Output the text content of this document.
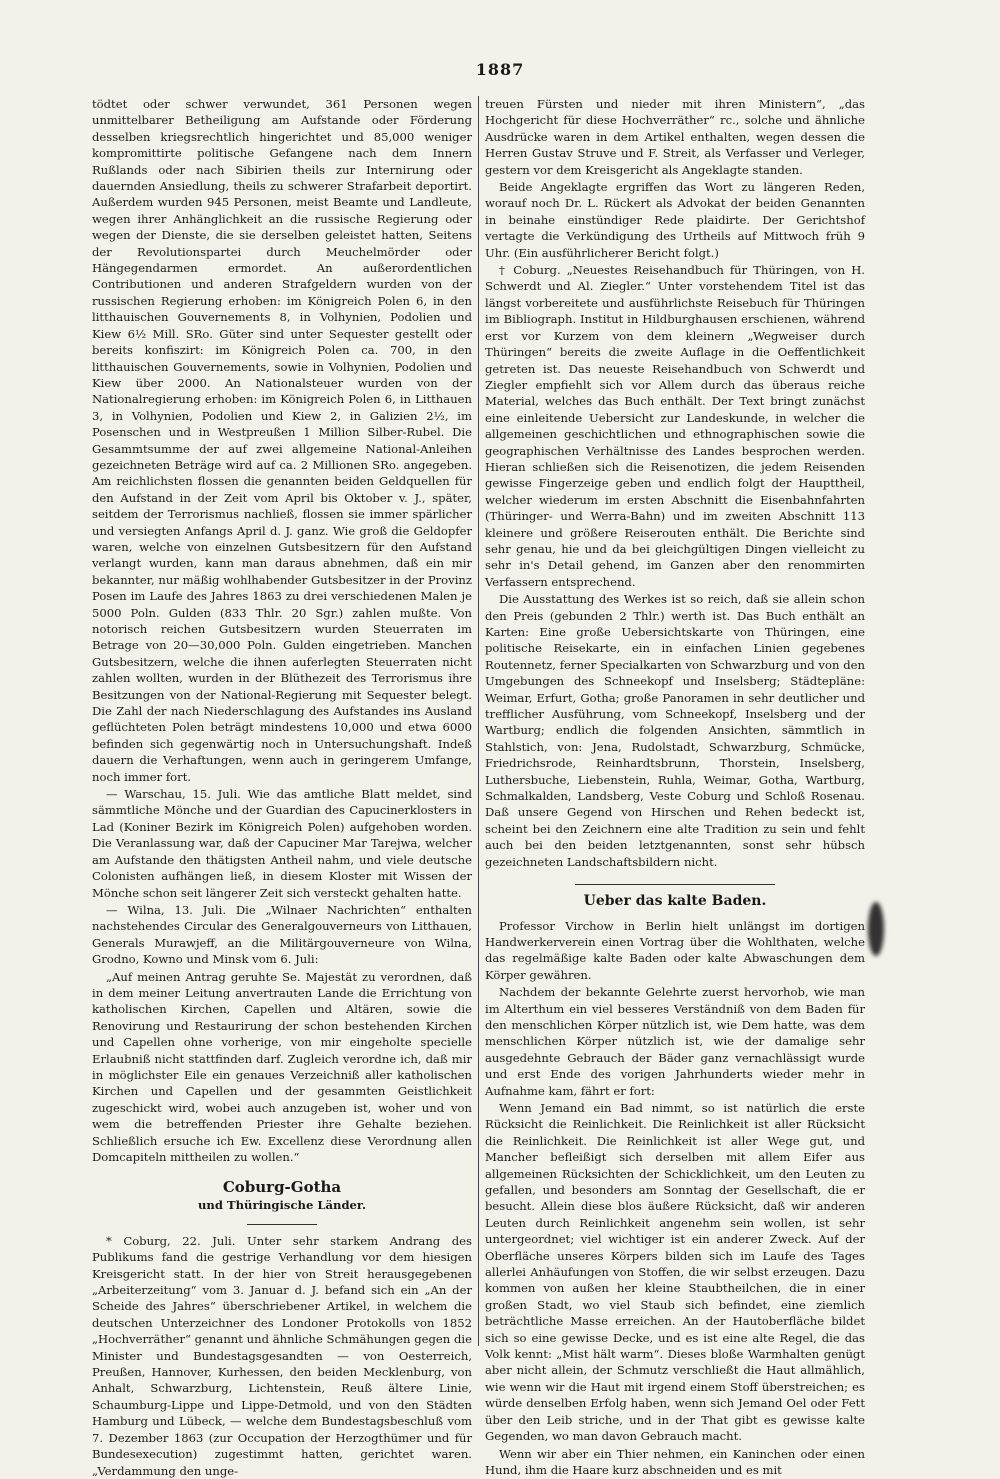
1887

tödtet oder schwer verwundet, 361 Personen wegen unmittelbarer Betheiligung am Aufstande oder Förderung desselben kriegsrechtlich hingerichtet und 85,000 weniger kompromittirte politische Gefangene nach dem Innern Rußlands oder nach Sibirien theils zur Internirung oder dauernden Ansiedlung, theils zu schwerer Strafarbeit deportirt. Außerdem wurden 945 Personen, meist Beamte und Landleute, wegen ihrer Anhänglichkeit an die russische Regierung oder wegen der Dienste, die sie derselben geleistet hatten, Seitens der Revolutionspartei durch Meuchelmörder oder Hängegendarmen ermordet. An außerordentlichen Contributionen und anderen Strafgeldern wurden von der russischen Regierung erhoben: im Königreich Polen 6, in den litthauischen Gouvernements 8, in Volhynien, Podolien und Kiew 6½ Mill. SRo. Güter sind unter Sequester gestellt oder bereits konfiszirt: im Königreich Polen ca. 700, in den litthauischen Gouvernements, sowie in Volhynien, Podolien und Kiew über 2000. An Nationalsteuer wurden von der Nationalregierung erhoben: im Königreich Polen 6, in Litthauen 3, in Volhynien, Podolien und Kiew 2, in Galizien 2½, im Posenschen und in Westpreußen 1 Million Silber-Rubel. Die Gesammtsumme der auf zwei allgemeine National-Anleihen gezeichneten Beträge wird auf ca. 2 Millionen SRo. angegeben. Am reichlichsten flossen die genannten beiden Geldquellen für den Aufstand in der Zeit vom April bis Oktober v. J., später, seitdem der Terrorismus nachließ, flossen sie immer spärlicher und versiegten Anfangs April d. J. ganz. Wie groß die Geldopfer waren, welche von einzelnen Gutsbesitzern für den Aufstand verlangt wurden, kann man daraus abnehmen, daß ein mir bekannter, nur mäßig wohlhabender Gutsbesitzer in der Provinz Posen im Laufe des Jahres 1863 zu drei verschiedenen Malen je 5000 Poln. Gulden (833 Thlr. 20 Sgr.) zahlen mußte. Von notorisch reichen Gutsbesitzern wurden Steuerraten im Betrage von 20—30,000 Poln. Gulden eingetrieben. Manchen Gutsbesitzern, welche die ihnen auferlegten Steuerraten nicht zahlen wollten, wurden in der Blüthezeit des Terrorismus ihre Besitzungen von der National-Regierung mit Sequester belegt. Die Zahl der nach Niederschlagung des Aufstandes ins Ausland geflüchteten Polen beträgt mindestens 10,000 und etwa 6000 befinden sich gegenwärtig noch in Untersuchungshaft. Indeß dauern die Verhaftungen, wenn auch in geringerem Umfange, noch immer fort.

— Warschau, 15. Juli. Wie das amtliche Blatt meldet, sind sämmtliche Mönche und der Guardian des Capucinerklosters in Lad (Koniner Bezirk im Königreich Polen) aufgehoben worden. Die Veranlassung war, daß der Capuciner Mar Tarejwa, welcher am Aufstande den thätigsten Antheil nahm, und viele deutsche Colonisten aufhängen ließ, in diesem Kloster mit Wissen der Mönche schon seit längerer Zeit sich versteckt gehalten hatte.

— Wilna, 13. Juli. Die „Wilnaer Nachrichten“ enthalten nachstehendes Circular des Generalgouverneurs von Litthauen, Generals Murawjeff, an die Militärgouverneure von Wilna, Grodno, Kowno und Minsk vom 6. Juli:

„Auf meinen Antrag geruhte Se. Majestät zu verordnen, daß in dem meiner Leitung anvertrauten Lande die Errichtung von katholischen Kirchen, Capellen und Altären, sowie die Renovirung und Restaurirung der schon bestehenden Kirchen und Capellen ohne vorherige, von mir eingeholte specielle Erlaubniß nicht stattfinden darf. Zugleich verordne ich, daß mir in möglichster Eile ein genaues Verzeichniß aller katholischen Kirchen und Capellen und der gesammten Geistlichkeit zugeschickt wird, wobei auch anzugeben ist, woher und von wem die betreffenden Priester ihre Gehalte beziehen. Schließlich ersuche ich Ew. Excellenz diese Verordnung allen Domcapiteln mittheilen zu wollen.“

Coburg-Gotha
und Thüringische Länder.

* Coburg, 22. Juli. Unter sehr starkem Andrang des Publikums fand die gestrige Verhandlung vor dem hiesigen Kreisgericht statt. In der hier von Streit herausgegebenen „Arbeiterzeitung“ vom 3. Januar d. J. befand sich ein „An der Scheide des Jahres“ überschriebener Artikel, in welchem die deutschen Unterzeichner des Londoner Protokolls von 1852 „Hochverräther“ genannt und ähnliche Schmähungen gegen die Minister und Bundestagsgesandten — von Oesterreich, Preußen, Hannover, Kurhessen, den beiden Mecklenburg, von Anhalt, Schwarzburg, Lichtenstein, Reuß ältere Linie, Schaumburg-Lippe und Lippe-Detmold, und von den Städten Hamburg und Lübeck, — welche dem Bundestagsbeschluß vom 7. Dezember 1863 (zur Occupation der Herzogthümer und für Bundesexecution) zugestimmt hatten, gerichtet waren. „Verdammung den unge-

treuen Fürsten und nieder mit ihren Ministern“, „das Hochgericht für diese Hochverräther“ rc., solche und ähnliche Ausdrücke waren in dem Artikel enthalten, wegen dessen die Herren Gustav Struve und F. Streit, als Verfasser und Verleger, gestern vor dem Kreisgericht als Angeklagte standen.

Beide Angeklagte ergriffen das Wort zu längeren Reden, worauf noch Dr. L. Rückert als Advokat der beiden Genannten in beinahe einstündiger Rede plaidirte. Der Gerichtshof vertagte die Verkündigung des Urtheils auf Mittwoch früh 9 Uhr. (Ein ausführlicherer Bericht folgt.)

† Coburg. „Neuestes Reisehandbuch für Thüringen, von H. Schwerdt und Al. Ziegler.“ Unter vorstehendem Titel ist das längst vorbereitete und ausführlichste Reisebuch für Thüringen im Bibliograph. Institut in Hildburghausen erschienen, während erst vor Kurzem von dem kleinern „Wegweiser durch Thüringen“ bereits die zweite Auflage in die Oeffentlichkeit getreten ist. Das neueste Reisehandbuch von Schwerdt und Ziegler empfiehlt sich vor Allem durch das überaus reiche Material, welches das Buch enthält. Der Text bringt zunächst eine einleitende Uebersicht zur Landeskunde, in welcher die allgemeinen geschichtlichen und ethnographischen sowie die geographischen Verhältnisse des Landes besprochen werden. Hieran schließen sich die Reisenotizen, die jedem Reisenden gewisse Fingerzeige geben und endlich folgt der Haupttheil, welcher wiederum im ersten Abschnitt die Eisenbahnfahrten (Thüringer- und Werra-Bahn) und im zweiten Abschnitt 113 kleinere und größere Reiserouten enthält. Die Berichte sind sehr genau, hie und da bei gleichgültigen Dingen vielleicht zu sehr in's Detail gehend, im Ganzen aber den renommirten Verfassern entsprechend.

Die Ausstattung des Werkes ist so reich, daß sie allein schon den Preis (gebunden 2 Thlr.) werth ist. Das Buch enthält an Karten: Eine große Uebersichtskarte von Thüringen, eine politische Reisekarte, ein in einfachen Linien gegebenes Routennetz, ferner Specialkarten von Schwarzburg und von den Umgebungen des Schneekopf und Inselsberg; Städtepläne: Weimar, Erfurt, Gotha; große Panoramen in sehr deutlicher und trefflicher Ausführung, vom Schneekopf, Inselsberg und der Wartburg; endlich die folgenden Ansichten, sämmtlich in Stahlstich, von: Jena, Rudolstadt, Schwarzburg, Schmücke, Friedrichsrode, Reinhardtsbrunn, Thorstein, Inselsberg, Luthersbuche, Liebenstein, Ruhla, Weimar, Gotha, Wartburg, Schmalkalden, Landsberg, Veste Coburg und Schloß Rosenau. Daß unsere Gegend von Hirschen und Rehen bedeckt ist, scheint bei den Zeichnern eine alte Tradition zu sein und fehlt auch bei den beiden letztgenannten, sonst sehr hübsch gezeichneten Landschaftsbildern nicht.

Ueber das kalte Baden.

Professor Virchow in Berlin hielt unlängst im dortigen Handwerkerverein einen Vortrag über die Wohlthaten, welche das regelmäßige kalte Baden oder kalte Abwaschungen dem Körper gewähren.

Nachdem der bekannte Gelehrte zuerst hervorhob, wie man im Alterthum ein viel besseres Verständniß von dem Baden für den menschlichen Körper nützlich ist, wie Dem hatte, was dem menschlichen Körper nützlich ist, wie der damalige sehr ausgedehnte Gebrauch der Bäder ganz vernachlässigt wurde und erst Ende des vorigen Jahrhunderts wieder mehr in Aufnahme kam, fährt er fort:

Wenn Jemand ein Bad nimmt, so ist natürlich die erste Rücksicht die Reinlichkeit. Die Reinlichkeit ist aller Rücksicht die Reinlichkeit. Die Reinlichkeit ist aller Wege gut, und Mancher befleißigt sich derselben mit allem Eifer aus allgemeinen Rücksichten der Schicklichkeit, um den Leuten zu gefallen, und besonders am Sonntag der Gesellschaft, die er besucht. Allein diese blos äußere Rücksicht, daß wir anderen Leuten durch Reinlichkeit angenehm sein wollen, ist sehr untergeordnet; viel wichtiger ist ein anderer Zweck. Auf der Oberfläche unseres Körpers bilden sich im Laufe des Tages allerlei Anhäufungen von Stoffen, die wir selbst erzeugen. Dazu kommen von außen her kleine Staubtheilchen, die in einer großen Stadt, wo viel Staub sich befindet, eine ziemlich beträchtliche Masse erreichen. An der Hautoberfläche bildet sich so eine gewisse Decke, und es ist eine alte Regel, die das Volk kennt: „Mist hält warm“. Dieses bloße Warmhalten genügt aber nicht allein, der Schmutz verschließt die Haut allmählich, wie wenn wir die Haut mit irgend einem Stoff überstreichen; es würde denselben Erfolg haben, wenn sich Jemand Oel oder Fett über den Leib striche, und in der That gibt es gewisse kalte Gegenden, wo man davon Gebrauch macht.

Wenn wir aber ein Thier nehmen, ein Kaninchen oder einen Hund, ihm die Haare kurz abschneiden und es mit
